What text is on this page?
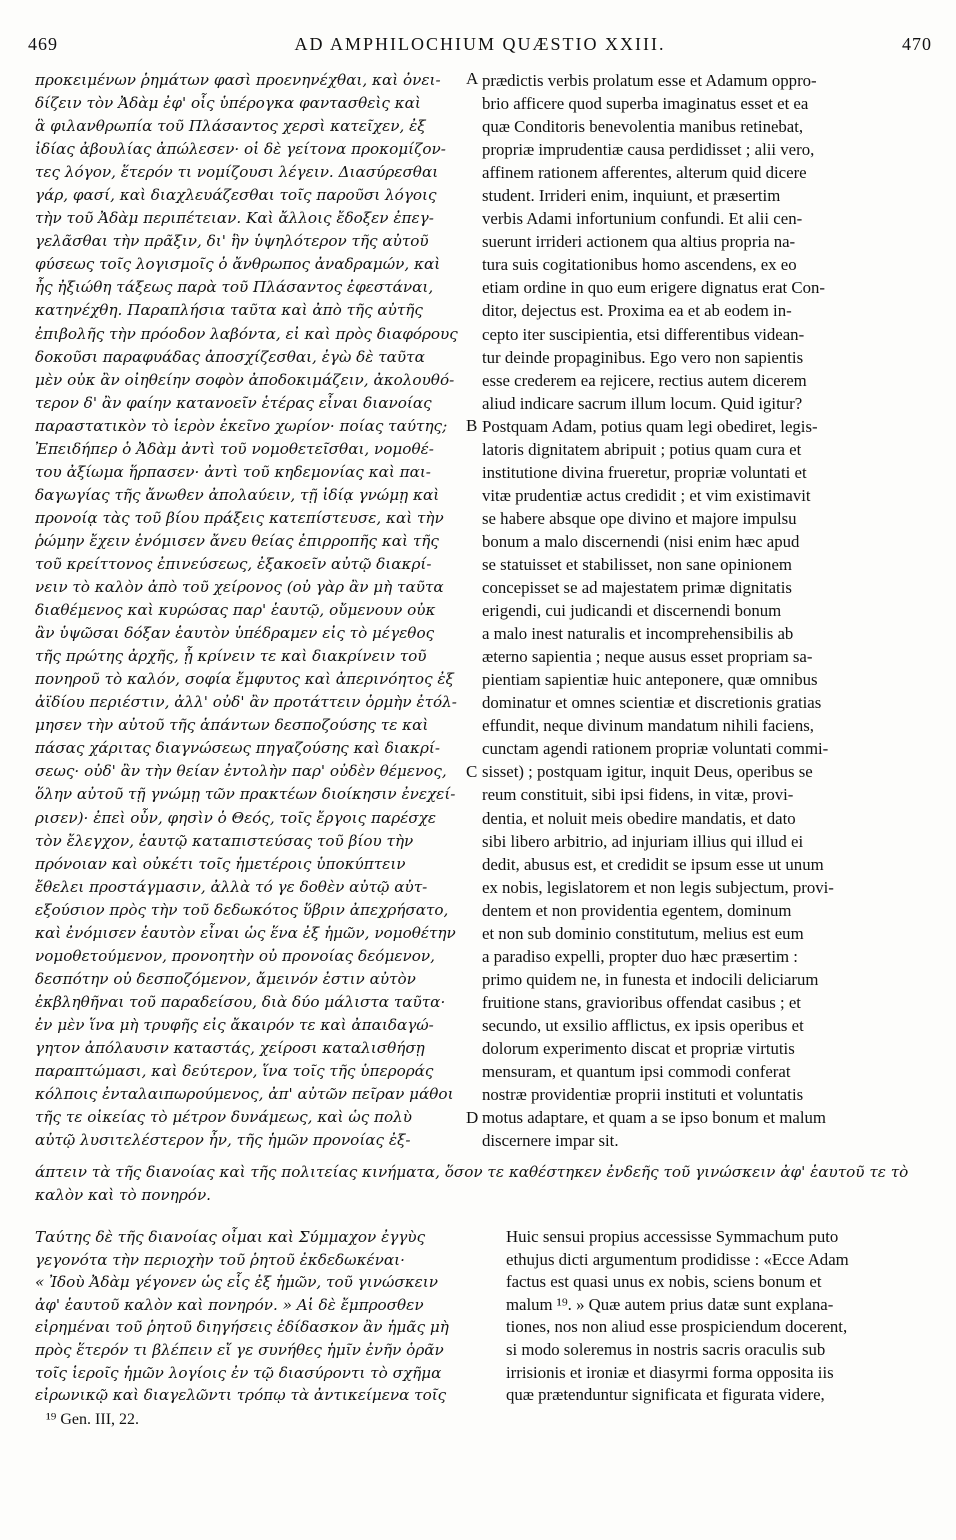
469	AD AMPHILOCHIUM QUÆSTIO XXIII.	470
προκειμένων ῥημάτων φασὶ προενηνέχθαι, καὶ ὀνει-
δίζειν τὸν Ἀδὰμ ἐφ' οἷς ὑπέρογκα φαντασθεὶς καὶ
ἃ φιλανθρωπία τοῦ Πλάσαντος χερσὶ κατεῖχεν, ἐξ
ἰδίας ἀβουλίας ἀπώλεσεν· οἱ δὲ γείτονα προκομίζον-
τες λόγον, ἕτερόν τι νομίζουσι λέγειν. Διασύρεσθαι
γάρ, φασί, καὶ διαχλευάζεσθαι τοῖς παροῦσι λόγοις
τὴν τοῦ Ἀδὰμ περιπέτειαν. Καὶ ἄλλοις ἔδοξεν ἐπεγ-
γελᾶσθαι τὴν πρᾶξιν, δι' ἣν ὑψηλότερον τῆς αὐτοῦ
φύσεως τοῖς λογισμοῖς ὁ ἄνθρωπος ἀναδραμών, καὶ
ἧς ἠξιώθη τάξεως παρὰ τοῦ Πλάσαντος ἐφεστάναι,
κατηνέχθη. Παραπλήσια ταῦτα καὶ ἀπὸ τῆς αὐτῆς
ἐπιβολῆς τὴν πρόοδον λαβόντα, εἰ καὶ πρὸς διαφόρους
δοκοῦσι παραφυάδας ἀποσχίζεσθαι, ἐγὼ δὲ ταῦτα
μὲν οὐκ ἂν οἰηθείην σοφὸν ἀποδοκιμάζειν, ἀκολουθό-
τερον δ' ἂν φαίην κατανοεῖν ἑτέρας εἶναι διανοίας
παραστατικὸν τὸ ἱερὸν ἐκεῖνο χωρίον· ποίας ταύτης;
Ἐπειδήπερ ὁ Ἀδὰμ ἀντὶ τοῦ νομοθετεῖσθαι, νομοθέ-
του ἀξίωμα ἥρπασεν· ἀντὶ τοῦ κηδεμονίας καὶ παι-
δαγωγίας τῆς ἄνωθεν ἀπολαύειν, τῇ ἰδίᾳ γνώμῃ καὶ
προνοίᾳ τὰς τοῦ βίου πράξεις κατεπίστευσε, καὶ τὴν
ῥώμην ἔχειν ἐνόμισεν ἄνευ θείας ἐπιρροπῆς καὶ τῆς
τοῦ κρείττονος ἐπινεύσεως, ἐξακοεῖν αὐτῷ διακρί-
νειν τὸ καλὸν ἀπὸ τοῦ χείρονος (οὐ γὰρ ἂν μὴ ταῦτα
διαθέμενος καὶ κυρώσας παρ' ἑαυτῷ, οὔμενουν οὐκ
ἂν ὑψῶσαι δόξαν ἑαυτὸν ὑπέδραμεν εἰς τὸ μέγεθος
τῆς πρώτης ἀρχῆς, ᾗ κρίνειν τε καὶ διακρίνειν τοῦ
πονηροῦ τὸ καλόν, σοφία ἔμφυτος καὶ ἀπερινόητος ἐξ
ἀϊδίου περιέστιν, ἀλλ' οὐδ' ἂν προτάττειν ὁρμὴν ἐτόλ-
μησεν τὴν αὐτοῦ τῆς ἁπάντων δεσποζούσης τε καὶ
πάσας χάριτας διαγνώσεως πηγαζούσης καὶ διακρί-
σεως· οὐδ' ἂν τὴν θείαν ἐντολὴν παρ' οὐδὲν θέμενος,
ὅλην αὐτοῦ τῇ γνώμῃ τῶν πρακτέων διοίκησιν ἐνεχεί-
ρισεν)· ἐπεὶ οὖν, φησὶν ὁ Θεός, τοῖς ἔργοις παρέσχε
τὸν ἔλεγχον, ἑαυτῷ καταπιστεύσας τοῦ βίου τὴν
πρόνοιαν καὶ οὐκέτι τοῖς ἡμετέροις ὑποκύπτειν
ἔθελει προστάγμασιν, ἀλλὰ τό γε δοθὲν αὐτῷ αὐτ-
εξούσιον πρὸς τὴν τοῦ δεδωκότος ὕβριν ἀπεχρήσατο,
καὶ ἐνόμισεν ἑαυτὸν εἶναι ὡς ἕνα ἐξ ἡμῶν, νομοθέτην
νομοθετούμενον, προνοητὴν οὐ προνοίας δεόμενον,
δεσπότην οὐ δεσποζόμενον, ἄμεινόν ἐστιν αὐτὸν
ἐκβληθῆναι τοῦ παραδείσου, διὰ δύο μάλιστα ταῦτα·
ἐν μὲν ἵνα μὴ τρυφῆς εἰς ἄκαιρόν τε καὶ ἀπαιδαγώ-
γητον ἀπόλαυσιν καταστάς, χείροσι καταλισθήσῃ
παραπτώμασι, καὶ δεύτερον, ἵνα τοῖς τῆς ὑπεροράς
κόλποις ἐνταλαιπωρούμενος, ἀπ' αὐτῶν πεῖραν μάθοι
τῆς τε οἰκείας τὸ μέτρον δυνάμεως, καὶ ὡς πολὺ
αὐτῷ λυσιτελέστερον ἦν, τῆς ἡμῶν προνοίας ἐξ-
prædictis verbis prolatum esse et Adamum oppro-
brio afficere quod superba imaginatus esset et ea
quæ Conditoris benevolentia manibus retinebat,
propriæ imprudentiæ causa perdidisset ; alii vero,
affinem rationem afferentes, alterum quid dicere
student. Irrideri enim, inquiunt, et præsertim
verbis Adami infortunium confundi. Et alii cen-
suerunt irrideri actionem qua altius propria na-
tura suis cogitationibus homo ascendens, ex eo
etiam ordine in quo eum erigere dignatus erat Con-
ditor, dejectus est. Proxima ea et ab eodem in-
cepto iter suscipientia, etsi differentibus videan-
tur deinde propaginibus. Ego vero non sapientis
esse crederem ea rejicere, rectius autem dicerem
aliud indicare sacrum illum locum. Quid igitur?
Postquam Adam, potius quam legi obediret, legis-
latoris dignitatem abripuit ; potius quam cura et
institutione divina frueretur, propriæ voluntati et
vitæ prudentiæ actus credidit ; et vim existimavit
se habere absque ope divino et majore impulsu
bonum a malo discernendi (nisi enim hæc apud
se statuisset et stabilisset, non sane opinionem
concepisset se ad majestatem primæ dignitatis
erigendi, cui judicandi et discernendi bonum
a malo inest naturalis et incomprehensibilis ab
æterno sapientia ; neque ausus esset propriam sa-
pientiam sapientiæ huic anteponere, quæ omnibus
dominatur et omnes scientiæ et discretionis gratias
effundit, neque divinum mandatum nihili faciens,
cunctam agendi rationem propriæ voluntati commi-
sisset) ; postquam igitur, inquit Deus, operibus se
reum constituit, sibi ipsi fidens, in vitæ, provi-
dentia, et noluit meis obedire mandatis, et dato
sibi libero arbitrio, ad injuriam illius qui illud ei
dedit, abusus est, et credidit se ipsum esse ut unum
ex nobis, legislatorem et non legis subjectum, provi-
dentem et non providentia egentem, dominum
et non sub dominio constitutum, melius est eum
a paradiso expelli, propter duo hæc præsertim :
primo quidem ne, in funesta et indocili deliciarum
fruitione stans, gravioribus offendat casibus ; et
secundo, ut exsilio afflictus, ex ipsis operibus et
dolorum experimento discat et propriæ virtutis
mensuram, et quantum ipsi commodi conferat
nostræ providentiæ proprii instituti et voluntatis
motus adaptare, et quam a se ipso bonum et malum
discernere impar sit.
A
B
C
D
άπτειν τὰ τῆς διανοίας καὶ τῆς πολιτείας κινήματα, ὅσον τε καθέστηκεν ἐνδεῆς τοῦ γινώσκειν ἀφ' ἑαυτοῦ τε τὸ
καλὸν καὶ τὸ πονηρόν.
Ταύτης δὲ τῆς διανοίας οἶμαι καὶ Σύμμαχον ἐγγὺς
γεγονότα τὴν περιοχὴν τοῦ ῥητοῦ ἐκδεδωκέναι·
« Ἰδοὺ Ἀδὰμ γέγονεν ὡς εἷς ἐξ ἡμῶν, τοῦ γινώσκειν
ἀφ' ἑαυτοῦ καλὸν καὶ πονηρόν. » Αἱ δὲ ἔμπροσθεν
εἰρημέναι τοῦ ῥητοῦ διηγήσεις ἐδίδασκον ἂν ἡμᾶς μὴ
πρὸς ἕτερόν τι βλέπειν εἴ γε συνήθες ἡμῖν ἐνῆν ὁρᾶν
τοῖς ἱεροῖς ἡμῶν λογίοις ἐν τῷ διασύροντι τὸ σχῆμα
εἰρωνικῷ καὶ διαγελῶντι τρόπῳ τὰ ἀντικείμενα τοῖς
Huic sensui propius accessisse Symmachum puto
ethujus dicti argumentum prodidisse : «Ecce Adam
factus est quasi unus ex nobis, sciens bonum et
malum ¹⁹. » Quæ autem prius datæ sunt explana-
tiones, nos non aliud esse prospiciendum docerent,
si modo soleremus in nostris sacris oraculis sub
irrisionis et ironiæ et diasyrmi forma opposita iis
quæ prætenduntur significata et figurata videre,
¹⁹ Gen. III, 22.
